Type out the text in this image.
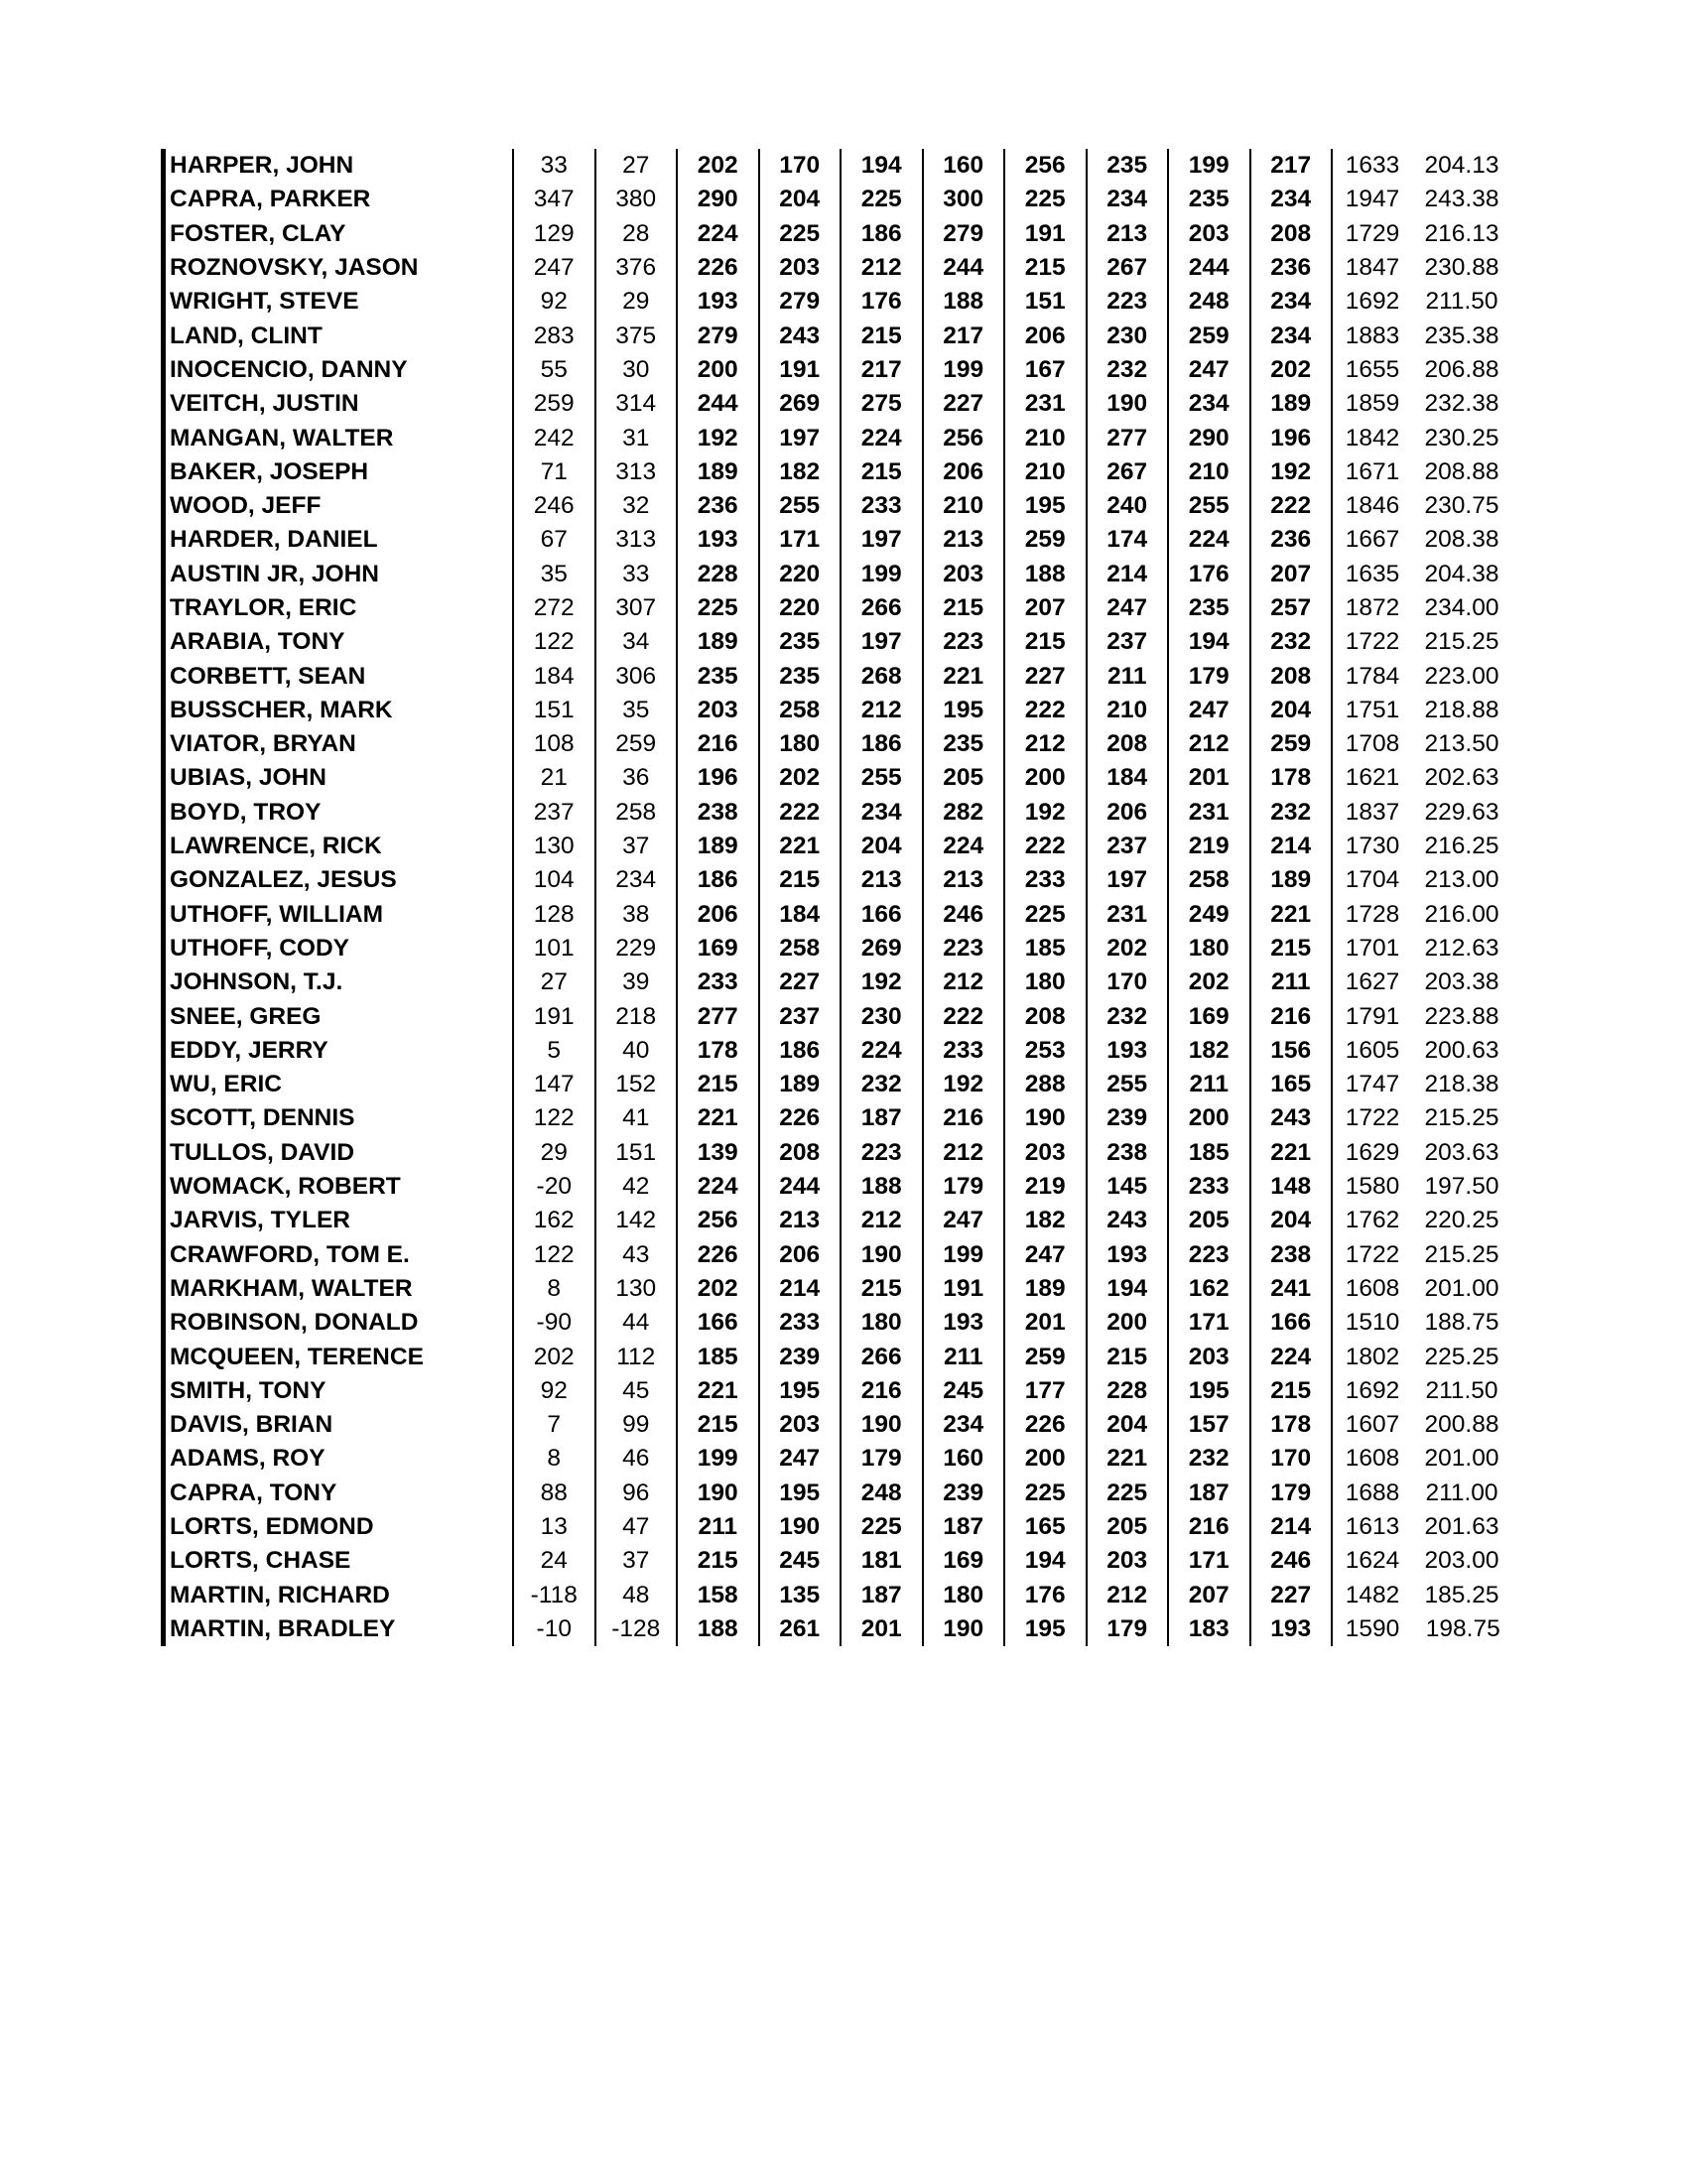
HARPER, JOHN	33	27	202	170	194	160	256	235	199	217	1633	204.13
CAPRA, PARKER	347	380	290	204	225	300	225	234	235	234	1947	243.38
FOSTER, CLAY	129	28	224	225	186	279	191	213	203	208	1729	216.13
ROZNOVSKY, JASON	247	376	226	203	212	244	215	267	244	236	1847	230.88
WRIGHT, STEVE	92	29	193	279	176	188	151	223	248	234	1692	211.50
LAND, CLINT	283	375	279	243	215	217	206	230	259	234	1883	235.38
INOCENCIO, DANNY	55	30	200	191	217	199	167	232	247	202	1655	206.88
VEITCH, JUSTIN	259	314	244	269	275	227	231	190	234	189	1859	232.38
MANGAN, WALTER	242	31	192	197	224	256	210	277	290	196	1842	230.25
BAKER, JOSEPH	71	313	189	182	215	206	210	267	210	192	1671	208.88
WOOD, JEFF	246	32	236	255	233	210	195	240	255	222	1846	230.75
HARDER, DANIEL	67	313	193	171	197	213	259	174	224	236	1667	208.38
AUSTIN JR, JOHN	35	33	228	220	199	203	188	214	176	207	1635	204.38
TRAYLOR, ERIC	272	307	225	220	266	215	207	247	235	257	1872	234.00
ARABIA, TONY	122	34	189	235	197	223	215	237	194	232	1722	215.25
CORBETT, SEAN	184	306	235	235	268	221	227	211	179	208	1784	223.00
BUSSCHER, MARK	151	35	203	258	212	195	222	210	247	204	1751	218.88
VIATOR, BRYAN	108	259	216	180	186	235	212	208	212	259	1708	213.50
UBIAS, JOHN	21	36	196	202	255	205	200	184	201	178	1621	202.63
BOYD, TROY	237	258	238	222	234	282	192	206	231	232	1837	229.63
LAWRENCE, RICK	130	37	189	221	204	224	222	237	219	214	1730	216.25
GONZALEZ, JESUS	104	234	186	215	213	213	233	197	258	189	1704	213.00
UTHOFF, WILLIAM	128	38	206	184	166	246	225	231	249	221	1728	216.00
UTHOFF, CODY	101	229	169	258	269	223	185	202	180	215	1701	212.63
JOHNSON, T.J.	27	39	233	227	192	212	180	170	202	211	1627	203.38
SNEE, GREG	191	218	277	237	230	222	208	232	169	216	1791	223.88
EDDY, JERRY	5	40	178	186	224	233	253	193	182	156	1605	200.63
WU, ERIC	147	152	215	189	232	192	288	255	211	165	1747	218.38
SCOTT, DENNIS	122	41	221	226	187	216	190	239	200	243	1722	215.25
TULLOS, DAVID	29	151	139	208	223	212	203	238	185	221	1629	203.63
WOMACK, ROBERT	-20	42	224	244	188	179	219	145	233	148	1580	197.50
JARVIS, TYLER	162	142	256	213	212	247	182	243	205	204	1762	220.25
CRAWFORD, TOM E.	122	43	226	206	190	199	247	193	223	238	1722	215.25
MARKHAM, WALTER	8	130	202	214	215	191	189	194	162	241	1608	201.00
ROBINSON, DONALD	-90	44	166	233	180	193	201	200	171	166	1510	188.75
MCQUEEN, TERENCE	202	112	185	239	266	211	259	215	203	224	1802	225.25
SMITH, TONY	92	45	221	195	216	245	177	228	195	215	1692	211.50
DAVIS, BRIAN	7	99	215	203	190	234	226	204	157	178	1607	200.88
ADAMS, ROY	8	46	199	247	179	160	200	221	232	170	1608	201.00
CAPRA, TONY	88	96	190	195	248	239	225	225	187	179	1688	211.00
LORTS, EDMOND	13	47	211	190	225	187	165	205	216	214	1613	201.63
LORTS, CHASE	24	37	215	245	181	169	194	203	171	246	1624	203.00
MARTIN, RICHARD	-118	48	158	135	187	180	176	212	207	227	1482	185.25
MARTIN, BRADLEY	-10	-128	188	261	201	190	195	179	183	193	1590	198.75
